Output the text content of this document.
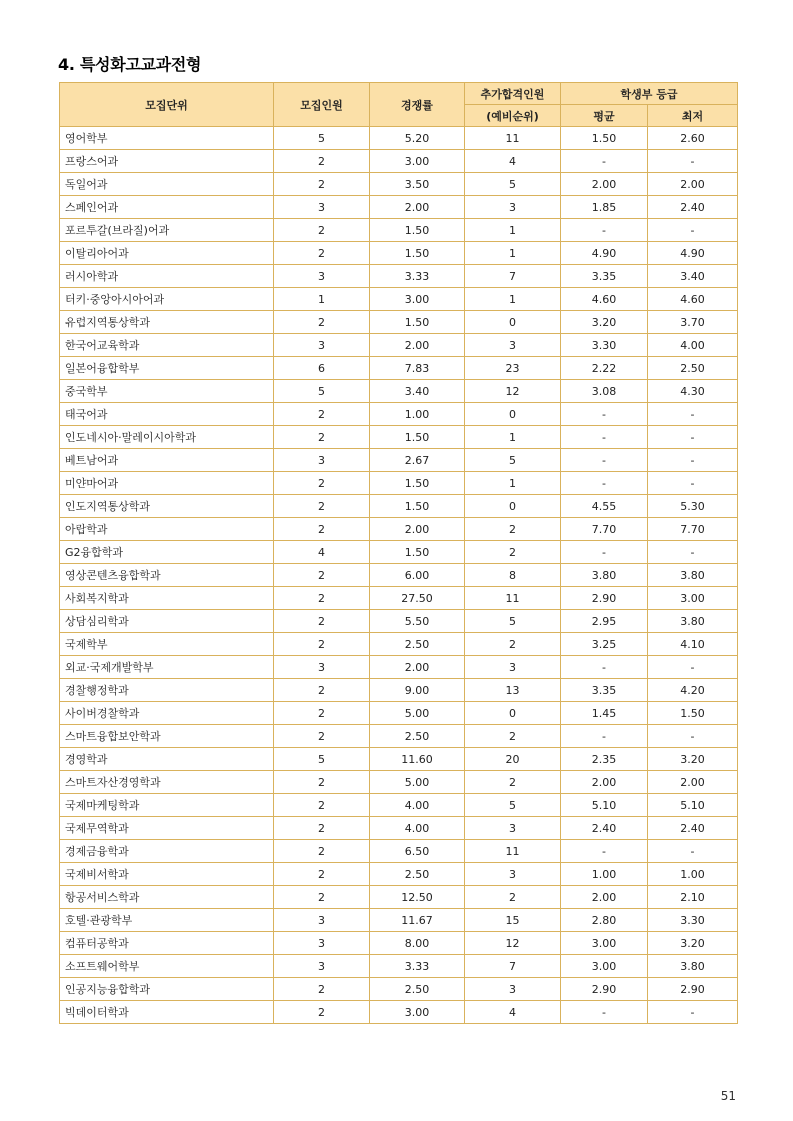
4. 특성화고교과전형
모집단위	모집인원	경쟁률	추가합격인원	학생부 등급	
			(예비순위)	평균	최저
영어학부	5	5.20	11	1.50	2.60
프랑스어과	2	3.00	4	-	-
독일어과	2	3.50	5	2.00	2.00
스페인어과	3	2.00	3	1.85	2.40
포르투갈(브라질)어과	2	1.50	1	-	-
이탈리아어과	2	1.50	1	4.90	4.90
러시아학과	3	3.33	7	3.35	3.40
터키·중앙아시아어과	1	3.00	1	4.60	4.60
유럽지역통상학과	2	1.50	0	3.20	3.70
한국어교육학과	3	2.00	3	3.30	4.00
일본어융합학부	6	7.83	23	2.22	2.50
중국학부	5	3.40	12	3.08	4.30
태국어과	2	1.00	0	-	-
인도네시아·말레이시아학과	2	1.50	1	-	-
베트남어과	3	2.67	5	-	-
미얀마어과	2	1.50	1	-	-
인도지역통상학과	2	1.50	0	4.55	5.30
아랍학과	2	2.00	2	7.70	7.70
G2융합학과	4	1.50	2	-	-
영상콘텐츠융합학과	2	6.00	8	3.80	3.80
사회복지학과	2	27.50	11	2.90	3.00
상담심리학과	2	5.50	5	2.95	3.80
국제학부	2	2.50	2	3.25	4.10
외교·국제개발학부	3	2.00	3	-	-
경찰행정학과	2	9.00	13	3.35	4.20
사이버경찰학과	2	5.00	0	1.45	1.50
스마트융합보안학과	2	2.50	2	-	-
경영학과	5	11.60	20	2.35	3.20
스마트자산경영학과	2	5.00	2	2.00	2.00
국제마케팅학과	2	4.00	5	5.10	5.10
국제무역학과	2	4.00	3	2.40	2.40
경제금융학과	2	6.50	11	-	-
국제비서학과	2	2.50	3	1.00	1.00
항공서비스학과	2	12.50	2	2.00	2.10
호텔·관광학부	3	11.67	15	2.80	3.30
컴퓨터공학과	3	8.00	12	3.00	3.20
소프트웨어학부	3	3.33	7	3.00	3.80
인공지능융합학과	2	2.50	3	2.90	2.90
빅데이터학과	2	3.00	4	-	-
51
